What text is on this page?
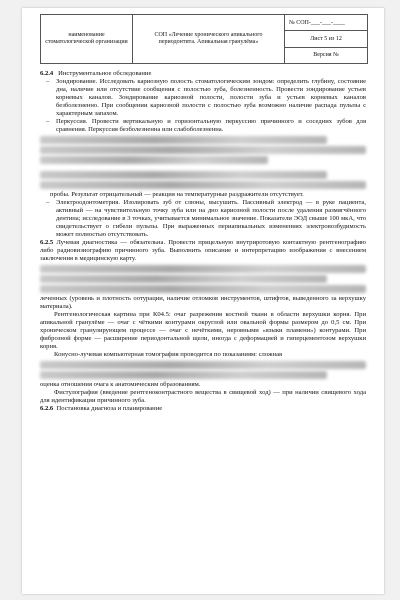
наименование стоматологической организации
СОП «Лечение хронического апикального периодонтита. Апикальная гранулёма»
№ СОП-___-___-____
Лист 5 из 12
Версия №
6.2.4 Инструментальное обследование
– Зондирование. Исследовать кариозную полость стоматологическим зондом: определить глубину, состояние дна, наличие или отсутствие сообщения с полостью зуба, болезненность. Провести зондирование устьев корневых каналов. Зондирование кариозной полости, полости зуба и устьев корневых каналов безболезненно. При сообщении кариозной полости с полостью зуба возможно наличие распада пульпы с характерным запахом.
– Перкуссия. Провести вертикальную и горизонтальную перкуссию причинного и соседних зубов для сравнения. Перкуссия безболезненна или слабоболезненна.
пробы. Результат отрицательный — реакция на температурные раздражители отсутствует.
– Электроодонтометрия. Изолировать зуб от слюны, высушить. Пассивный электрод — в руке пациента, активный — на чувствительную точку зуба или на дно кариозной полости после удаления размягчённого дентина; исследование в 3 точках, учитывается минимальное значение. Показатели ЭОД свыше 100 мкА, что свидетельствует о гибели пульпы. При выраженных периапикальных изменениях электровозбудимость может полностью отсутствовать.
6.2.5 Лучевая диагностика — обязательна. Провести прицельную внутриротовую контактную рентгенографию либо радиовизиографию причинного зуба. Выполнить описание и интерпретацию изображения с внесением заключения в медицинскую карту.
леченных (уровень и плотность оотурации, наличие отломков инструментов, штифтов, выведенного за верхушку материала).
Рентгенологическая картина при К04.5: очаг разрежения костной ткани в области верхушки корня. При апикальной гранулёме — очаг с чёткими контурами округлой или овальной формы размером до 0,5 см. При хроническом гранулирующем процессе — очаг с нечёткими, неровными «языки пламени») контурами. При фиброзной форме — расширение периодонтальной щели, иногда с деформацией и гиперцементозом верхушки корня.
Конусно-лучевая компьютерная томография проводится по показаниям: сложная
оценка отношения очага к анатомическим образованиям.
Фистулография (введение рентгеноконтрастного вещества в свищевой ход) — при наличии свищевого хода для идентификации причинного зуба.
6.2.6 Постановка диагноза и планирование
